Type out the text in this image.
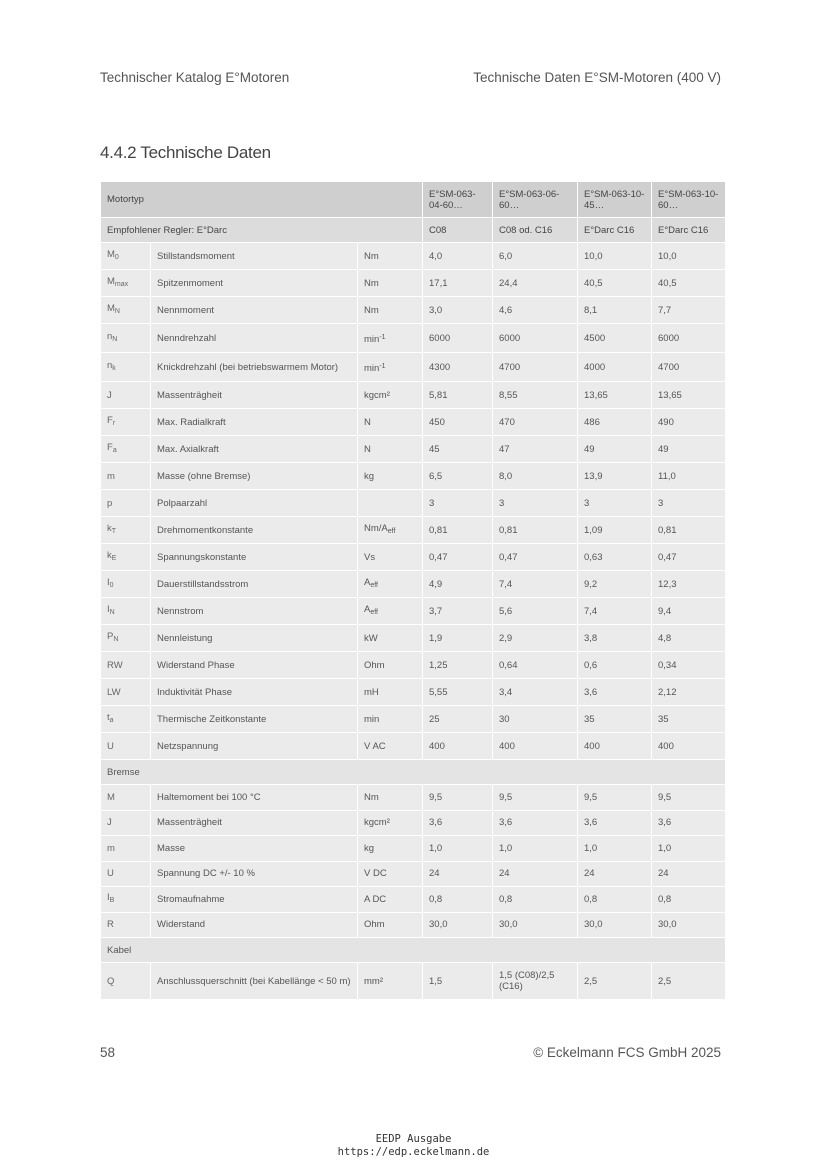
Technischer Katalog E°Motoren	Technische Daten E°SM-Motoren (400 V)
4.4.2 Technische Daten
Motortyp			E°SM-063-04-60…	E°SM-063-06-60…	E°SM-063-10-45…	E°SM-063-10-60…
Empfohlener Regler: E°Darc			C08	C08 od. C16	E°Darc C16	E°Darc C16
$M_0$	Stillstandsmoment	Nm	4,0	6,0	10,0	10,0
$M_{max}$	Spitzenmoment	Nm	17,1	24,4	40,5	40,5
$M_N$	Nennmoment	Nm	3,0	4,6	8,1	7,7
$n_N$	Nenndrehzahl	$\min^{-1}$	6000	6000	4500	6000
$n_k$	Knickdrehzahl (bei betriebswarmem Motor)	$\min^{-1}$	4300	4700	4000	4700
J	Massenträgheit	kgcm²	5,81	8,55	13,65	13,65
$F_r$	Max. Radialkraft	N	450	470	486	490
$F_a$	Max. Axialkraft	N	45	47	49	49
m	Masse (ohne Bremse)	kg	6,5	8,0	13,9	11,0
p	Polpaarzahl		3	3	3	3
$k_T$	Drehmomentkonstante	$Nm/A_{eff}$	0,81	0,81	1,09	0,81
$k_E$	Spannungskonstante	Vs	0,47	0,47	0,63	0,47
$I_0$	Dauerstillstandsstrom	$A_{eff}$	4,9	7,4	9,2	12,3
$I_N$	Nennstrom	$A_{eff}$	3,7	5,6	7,4	9,4
$P_N$	Nennleistung	kW	1,9	2,9	3,8	4,8
RW	Widerstand Phase	Ohm	1,25	0,64	0,6	0,34
LW	Induktivität Phase	mH	5,55	3,4	3,6	2,12
$t_a$	Thermische Zeitkonstante	min	25	30	35	35
U	Netzspannung	V AC	400	400	400	400
Bremse						
M	Haltemoment bei 100 °C	Nm	9,5	9,5	9,5	9,5
J	Massenträgheit	kgcm²	3,6	3,6	3,6	3,6
m	Masse	kg	1,0	1,0	1,0	1,0
U	Spannung DC +/- 10 %	V DC	24	24	24	24
$I_B$	Stromaufnahme	A DC	0,8	0,8	0,8	0,8
R	Widerstand	Ohm	30,0	30,0	30,0	30,0
Kabel						
Q	Anschlussquerschnitt (bei Kabellänge < 50 m)	mm²	1,5	1,5 (C08)/2,5 (C16)	2,5	2,5
58	© Eckelmann FCS GmbH 2025
EEDP Ausgabe
https://edp.eckelmann.de
